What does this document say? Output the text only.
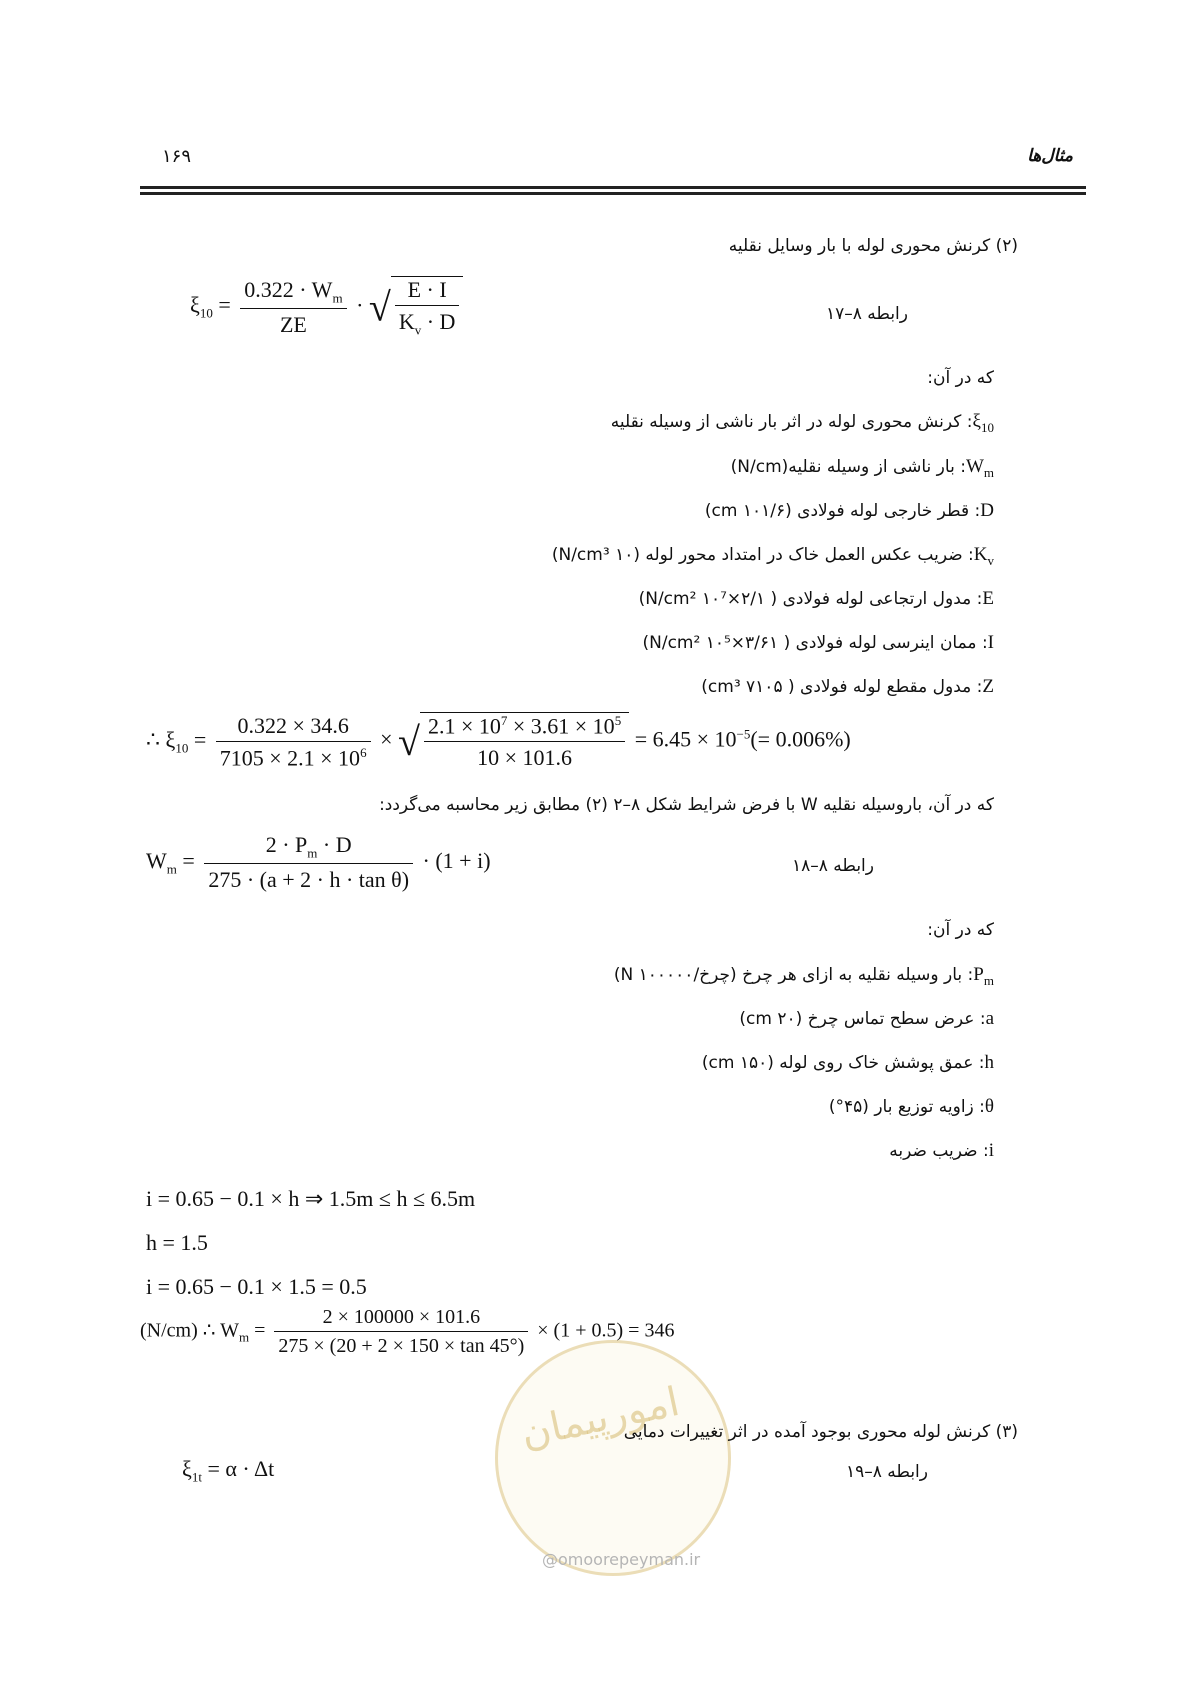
۱۶۹	مثال‌ها
(۲) کرنش محوری لوله با بار وسایل نقلیه
$\xi_{10} = \frac{0.322 \cdot W_m}{ZE}$ · √ $\frac{E \cdot I}{K_v \cdot D}$	رابطه ۸–۱۷
که در آن:
$\xi_{10}$: کرنش محوری لوله در اثر بار ناشی از وسیله نقلیه
$W_m$: بار ناشی از وسیله نقلیه(N/cm)
D: قطر خارجی لوله فولادی (۱۰۱/۶ cm)
$K_v$: ضریب عکس العمل خاک در امتداد محور لوله (۱۰ N/cm³)
E: مدول ارتجاعی لوله فولادی ( ۲/۱×۱۰⁷ N/cm²)
I: ممان اینرسی لوله فولادی ( ۳/۶۱×۱۰⁵ N/cm²)
Z: مدول مقطع لوله فولادی ( ۷۱۰۵ cm³)
∴ $\xi_{10} = \frac{0.322 \times 34.6}{7105 \times 2.1 \times 10^6}$ × √ $\frac{2.1 \times 10^7 \times 3.61 \times 10^5}{10 \times 101.6} = 6.45 \times 10^{-5}(= 0.006\%)$
که در آن، باروسیله نقلیه W با فرض شرایط شکل ۸–۲ (۲) مطابق زیر محاسبه می‌گردد:
$W_m = \frac{2 \cdot P_m \cdot D}{\text{275 · (a + 2 · h · tan θ)}} \cdot (1 + i)$	رابطه ۸–۱۸
که در آن:
$P_m$: بار وسیله نقلیه به ازای هر چرخ (چرخ/N ۱۰۰۰۰۰)
a: عرض سطح تماس چرخ (۲۰ cm)
h: عمق پوشش خاک روی لوله (۱۵۰ cm)
θ: زاویه توزیع بار (۴۵°)
i: ضریب ضربه
i = 0.65 − 0.1 × h ⇒ 1.5m ≤ h ≤ 6.5m
h = 1.5
i = 0.65 − 0.1 × 1.5 = 0.5
(N/cm) ∴ $W_m = \frac{2 \times 100000 \times 101.6}{275 \times (20 + 2 \times 150 \times \tan 45^\circ)} \times (1 + 0.5) = 346$
امورپیمان
@omoorepeyman.ir
(۳) کرنش لوله محوری بوجود آمده در اثر تغییرات دمایی
$\xi_{1t} = \alpha \cdot \Delta t$	رابطه ۸–۱۹
